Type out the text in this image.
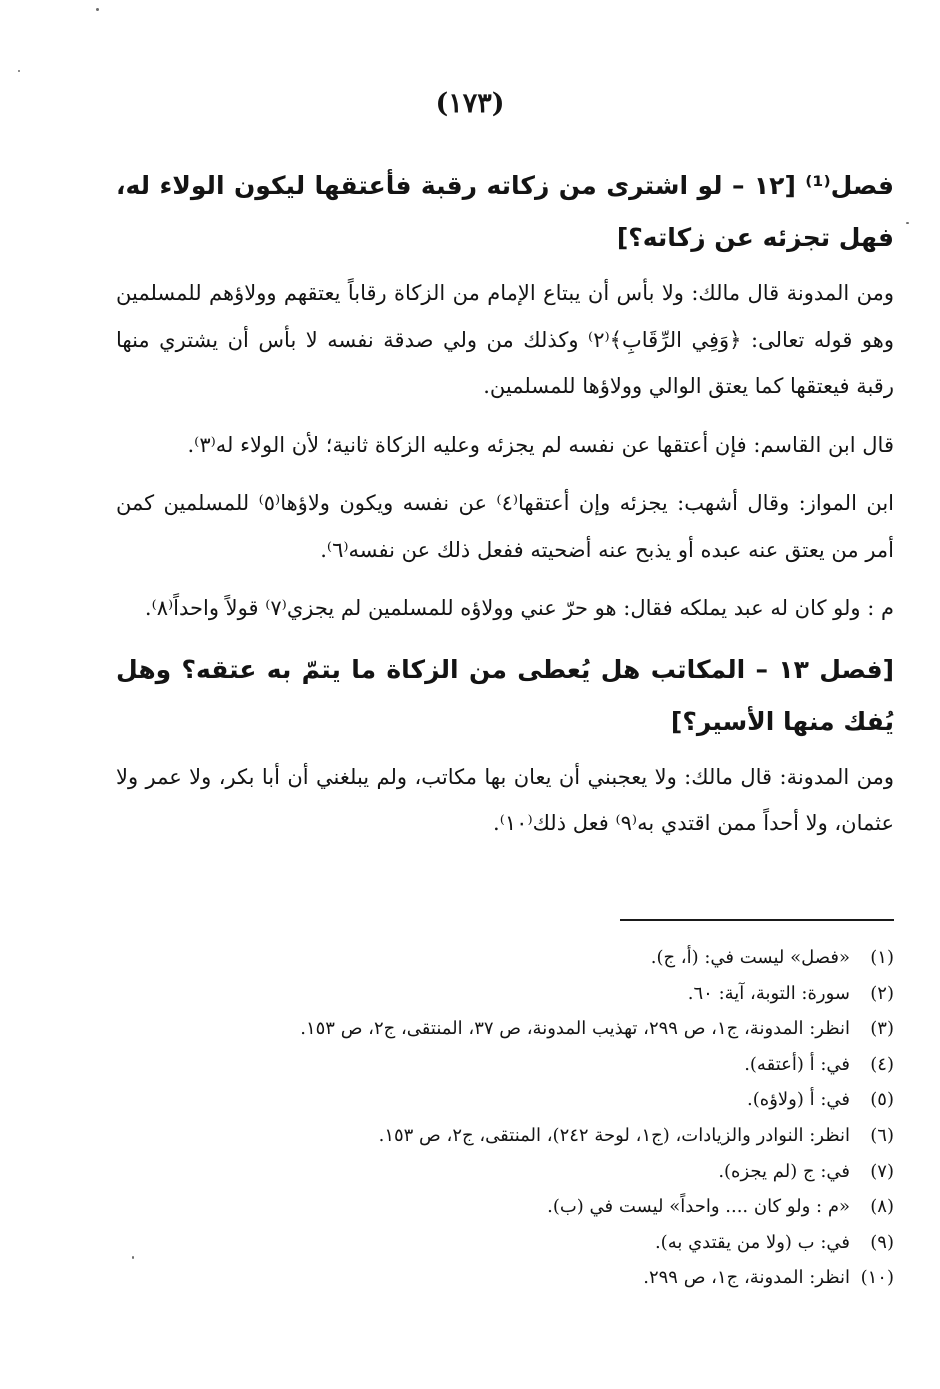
(١٧٣)
فصل⁽¹⁾ [١٢ – لو اشترى من زكاته رقبة فأعتقها ليكون الولاء له، فهل تجزئه عن زكاته؟]

ومن المدونة قال مالك: ولا بأس أن يبتاع الإمام من الزكاة رقاباً يعتقهم وولاؤهم للمسلمين وهو قوله تعالى: ﴿وَفِي الرِّقَابِ﴾⁽٢⁾ وكذلك من ولي صدقة نفسه لا بأس أن يشتري منها رقبة فيعتقها كما يعتق الوالي وولاؤها للمسلمين.

قال ابن القاسم: فإن أعتقها عن نفسه لم يجزئه وعليه الزكاة ثانية؛ لأن الولاء له⁽٣⁾.

ابن المواز: وقال أشهب: يجزئه وإن أعتقها⁽٤⁾ عن نفسه ويكون ولاؤها⁽٥⁾ للمسلمين كمن أمر من يعتق عنه عبده أو يذبح عنه أضحيته ففعل ذلك عن نفسه⁽٦⁾.

م : ولو كان له عبد يملكه فقال: هو حرّ عني وولاؤه للمسلمين لم يجزي⁽٧⁾ قولاً واحداً⁽٨⁾.

[فصل ١٣ – المكاتب هل يُعطى من الزكاة ما يتمّ به عتقه؟ وهل يُفك منها الأسير؟]

ومن المدونة: قال مالك: ولا يعجبني أن يعان بها مكاتب، ولم يبلغني أن أبا بكر، ولا عمر ولا عثمان، ولا أحداً ممن اقتدي به⁽٩⁾ فعل ذلك⁽١٠⁾.

(١)«فصل» ليست في: (أ، ج).
(٢)سورة: التوبة، آية: ٦٠.
(٣)انظر: المدونة، ج١، ص ٢٩٩، تهذيب المدونة، ص ٣٧، المنتقى، ج٢، ص ١٥٣.
(٤)في: أ (أعتقه).
(٥)في: أ (ولاؤه).
(٦)انظر: النوادر والزيادات، (ج١، لوحة ٢٤٢)، المنتقى، ج٢، ص ١٥٣.
(٧)في: ج (لم يجزه).
(٨)«م : ولو كان .... واحداً» ليست في (ب).
(٩)في: ب (ولا من يقتدي به).
(١٠)انظر: المدونة، ج١، ص ٢٩٩.
